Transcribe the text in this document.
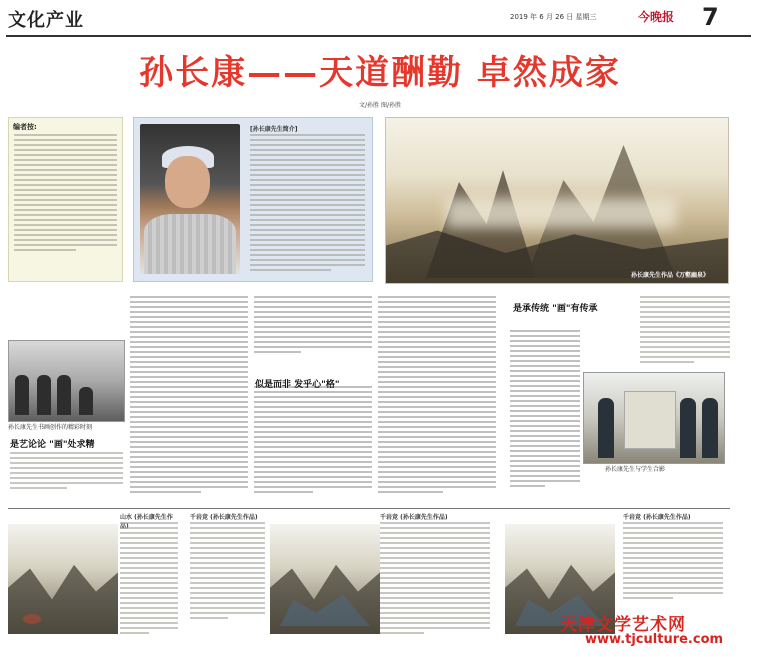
文化产业	2019 年 6 月 26 日 星期三	今晚报 7
孙长康——天道酬勤 卓然成家
文/孙胜 图/孙胜
编者按:	[孙长康先生简介]
孙长康先生作品《万壑幽泉》
孙长康先生书画创作的精彩时刻
是艺论论 "画"处求精
似是而非 发乎心"格"
是承传统 "画"有传承
孙长康先生与学生合影
山水 (孙长康先生作	千岩竞 (孙长康先生作品)	千岩竞 (孙长康先生作品)	千岩竞 (孙长康先生作品)
天津文学艺术网
www.tjculture.com
